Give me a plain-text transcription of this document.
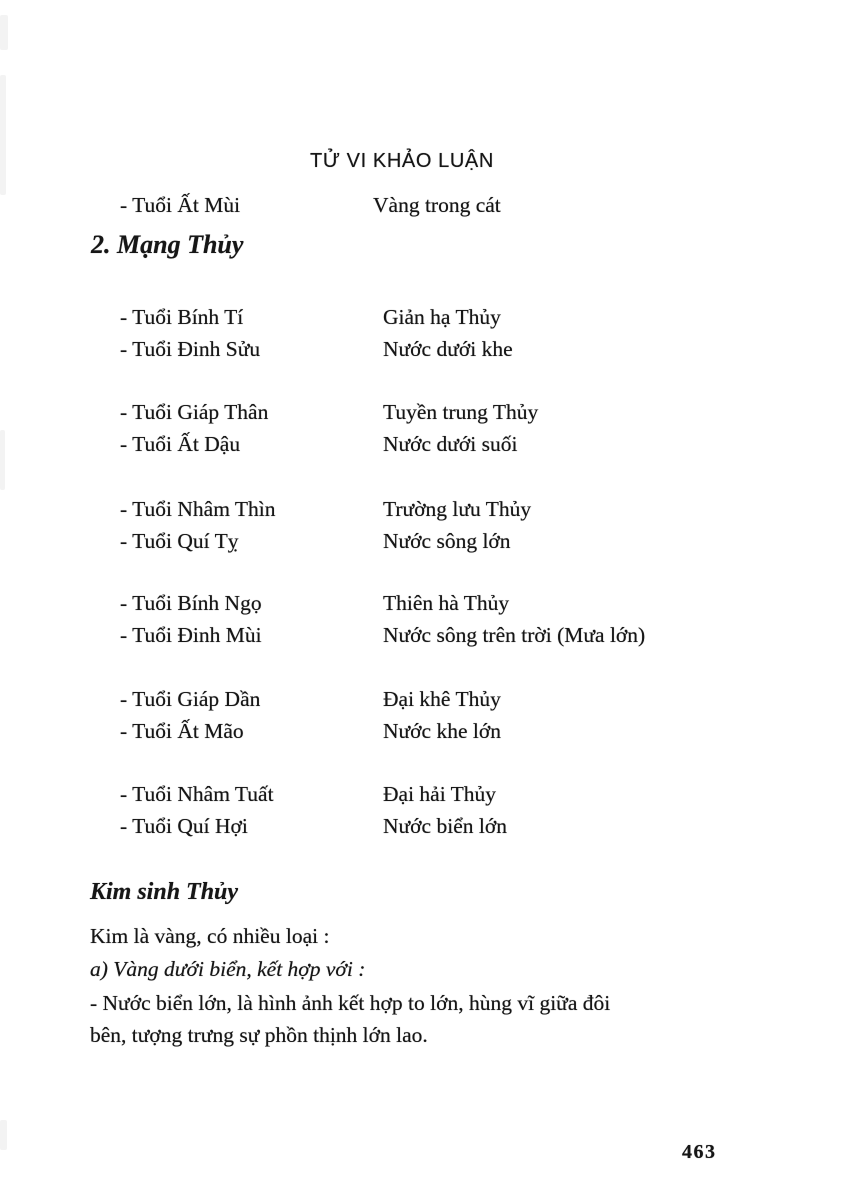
TỬ VI KHẢO LUẬN
- Tuổi Ất Mùi	Vàng trong cát
2. Mạng Thủy
- Tuổi Bính Tí	Giản hạ Thủy
- Tuổi Đinh Sửu	Nước dưới khe
- Tuổi Giáp Thân	Tuyền trung Thủy
- Tuổi Ất Dậu	Nước dưới suối
- Tuổi Nhâm Thìn	Trường lưu Thủy
- Tuổi Quí Tỵ	Nước sông lớn
- Tuổi Bính Ngọ	Thiên hà Thủy
- Tuổi Đinh Mùi	Nước sông trên trời (Mưa lớn)
- Tuổi Giáp Dần	Đại khê Thủy
- Tuổi Ất Mão	Nước khe lớn
- Tuổi Nhâm Tuất	Đại hải Thủy
- Tuổi Quí Hợi	Nước biển lớn
Kim sinh Thủy
Kim là vàng, có nhiều loại :
a) Vàng dưới biển, kết hợp với :
- Nước biển lớn, là hình ảnh kết hợp to lớn, hùng vĩ giữa đôi
bên, tượng trưng sự phồn thịnh lớn lao.
463
